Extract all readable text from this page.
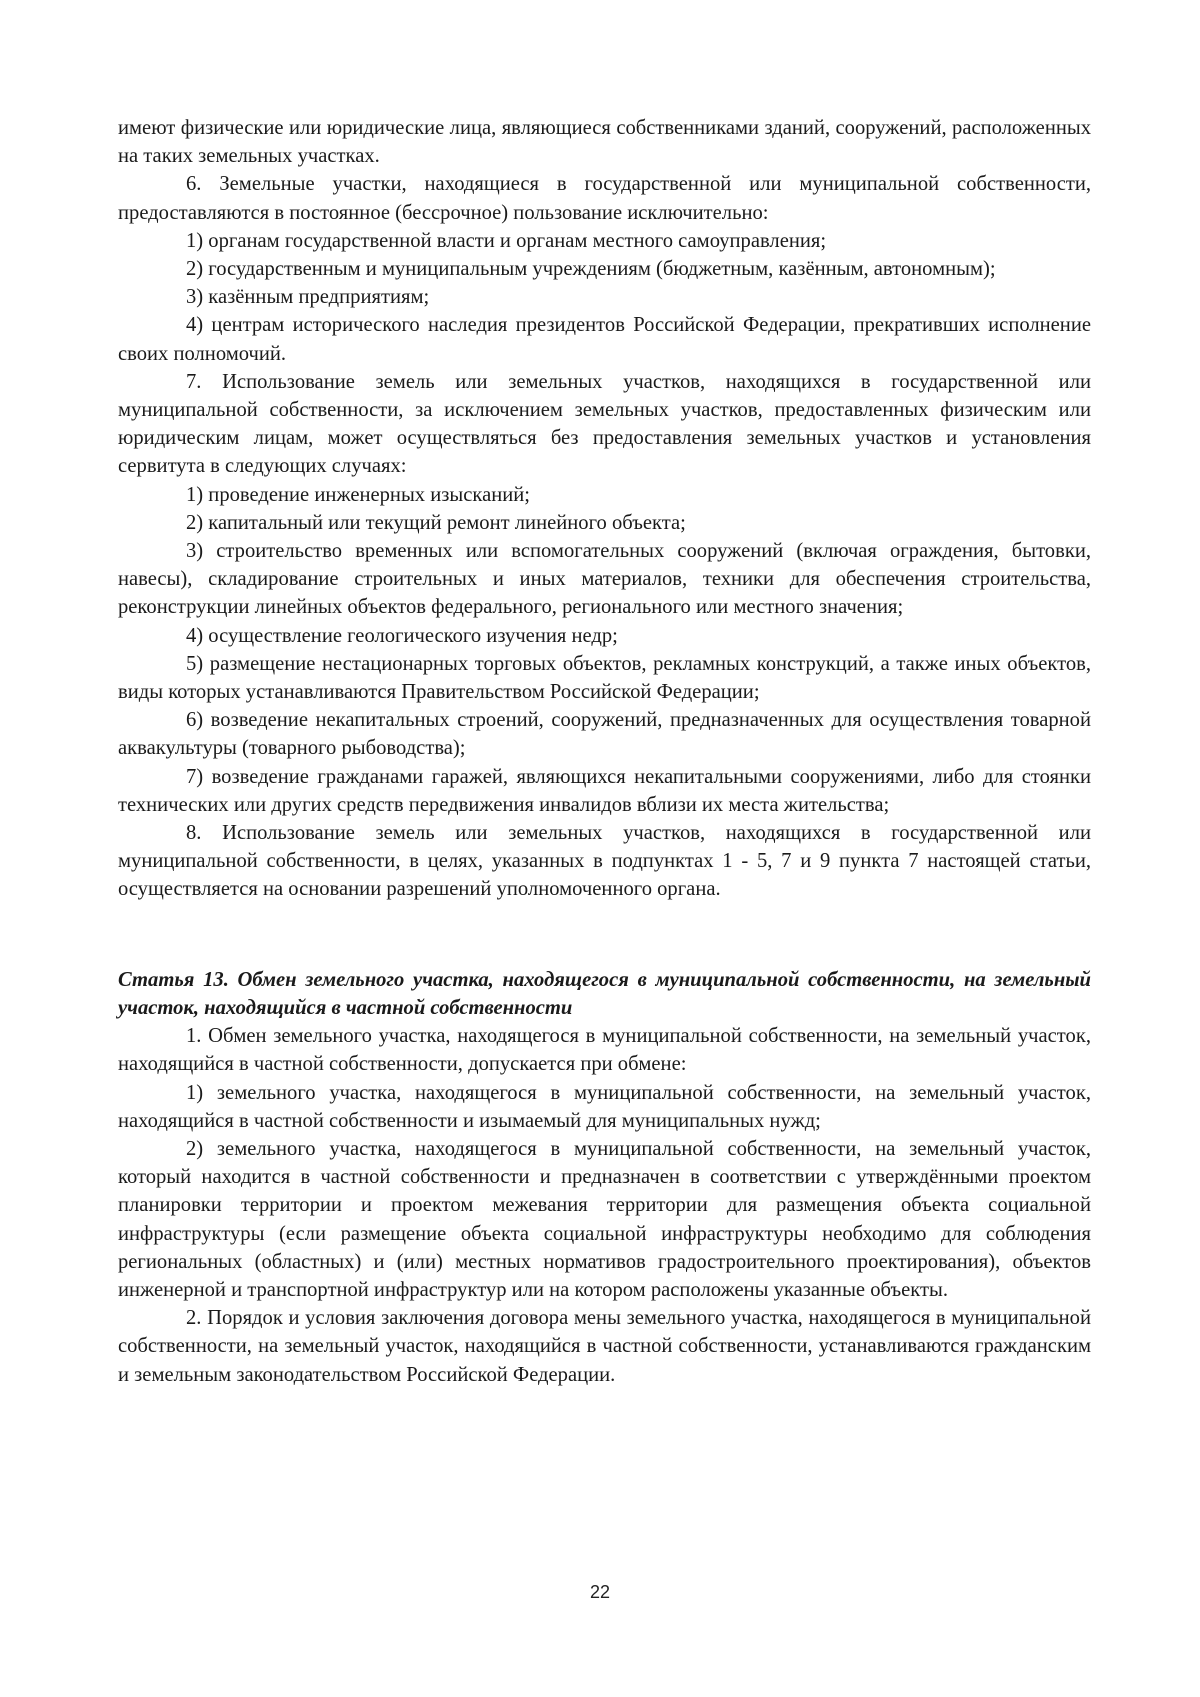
имеют физические или юридические лица, являющиеся собственниками зданий, сооружений, расположенных на таких земельных участках.

6. Земельные участки, находящиеся в государственной или муниципальной собственности, предоставляются в постоянное (бессрочное) пользование исключительно:

1) органам государственной власти и органам местного самоуправления;

2) государственным и муниципальным учреждениям (бюджетным, казённым, автономным);

3) казённым предприятиям;

4) центрам исторического наследия президентов Российской Федерации, прекративших исполнение своих полномочий.

7. Использование земель или земельных участков, находящихся в государственной или муниципальной собственности, за исключением земельных участков, предоставленных физическим или юридическим лицам, может осуществляться без предоставления земельных участков и установления сервитута в следующих случаях:

1) проведение инженерных изысканий;

2) капитальный или текущий ремонт линейного объекта;

3) строительство временных или вспомогательных сооружений (включая ограждения, бытовки, навесы), складирование строительных и иных материалов, техники для обеспечения строительства, реконструкции линейных объектов федерального, регионального или местного значения;

4) осуществление геологического изучения недр;

5) размещение нестационарных торговых объектов, рекламных конструкций, а также иных объектов, виды которых устанавливаются Правительством Российской Федерации;

6) возведение некапитальных строений, сооружений, предназначенных для осуществления товарной аквакультуры (товарного рыбоводства);

7) возведение гражданами гаражей, являющихся некапитальными сооружениями, либо для стоянки технических или других средств передвижения инвалидов вблизи их места жительства;

8. Использование земель или земельных участков, находящихся в государственной или муниципальной собственности, в целях, указанных в подпунктах 1 - 5, 7 и 9 пункта 7 настоящей статьи, осуществляется на основании разрешений уполномоченного органа.

Статья 13. Обмен земельного участка, находящегося в муниципальной собственности, на земельный участок, находящийся в частной собственности

1. Обмен земельного участка, находящегося в муниципальной собственности, на земельный участок, находящийся в частной собственности, допускается при обмене:

1) земельного участка, находящегося в муниципальной собственности, на земельный участок, находящийся в частной собственности и изымаемый для муниципальных нужд;

2) земельного участка, находящегося в муниципальной собственности, на земельный участок, который находится в частной собственности и предназначен в соответствии с утверждёнными проектом планировки территории и проектом межевания территории для размещения объекта социальной инфраструктуры (если размещение объекта социальной инфраструктуры необходимо для соблюдения региональных (областных) и (или) местных нормативов градостроительного проектирования), объектов инженерной и транспортной инфраструктур или на котором расположены указанные объекты.

2. Порядок и условия заключения договора мены земельного участка, находящегося в муниципальной собственности, на земельный участок, находящийся в частной собственности, устанавливаются гражданским и земельным законодательством Российской Федерации.

22
